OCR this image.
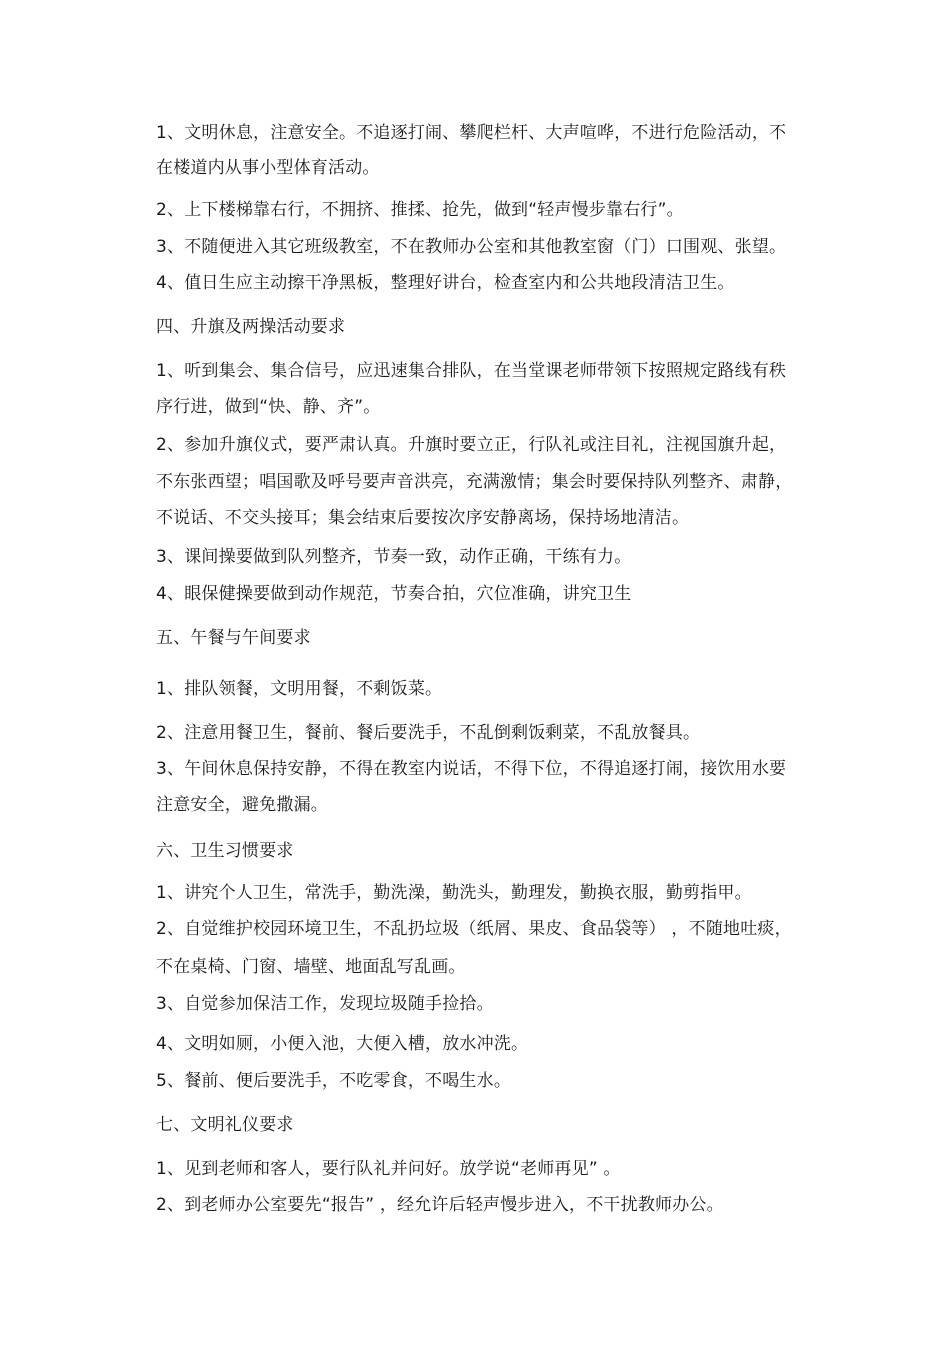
1、文明休息，注意安全。不追逐打闹、攀爬栏杆、大声喧哗，不进行危险活动，不

在楼道内从事小型体育活动。

2、上下楼梯靠右行，不拥挤、推揉、抢先，做到“轻声慢步靠右行”。

3、不随便进入其它班级教室，不在教师办公室和其他教室窗（门）口围观、张望。

4、值日生应主动擦干净黑板，整理好讲台，检查室内和公共地段清洁卫生。

四、升旗及两操活动要求

1、听到集会、集合信号，应迅速集合排队，在当堂课老师带领下按照规定路线有秩

序行进，做到“快、静、齐”。

2、参加升旗仪式，要严肃认真。升旗时要立正，行队礼或注目礼，注视国旗升起，

不东张西望；唱国歌及呼号要声音洪亮，充满激情；集会时要保持队列整齐、肃静，

不说话、不交头接耳；集会结束后要按次序安静离场，保持场地清洁。

3、课间操要做到队列整齐，节奏一致，动作正确，干练有力。

4、眼保健操要做到动作规范，节奏合拍，穴位准确，讲究卫生

五、午餐与午间要求

1、排队领餐，文明用餐，不剩饭菜。

2、注意用餐卫生，餐前、餐后要洗手，不乱倒剩饭剩菜，不乱放餐具。

3、午间休息保持安静，不得在教室内说话，不得下位，不得追逐打闹，接饮用水要

注意安全，避免撒漏。

六、卫生习惯要求

1、讲究个人卫生，常洗手，勤洗澡，勤洗头，勤理发，勤换衣服，勤剪指甲。

2、自觉维护校园环境卫生，不乱扔垃圾（纸屑、果皮、食品袋等） ，不随地吐痰，

不在桌椅、门窗、墙壁、地面乱写乱画。

3、自觉参加保洁工作，发现垃圾随手捡拾。

4、文明如厕，小便入池，大便入槽，放水冲洗。

5、餐前、便后要洗手，不吃零食，不喝生水。

七、文明礼仪要求

1、见到老师和客人，要行队礼并问好。放学说“老师再见” 。

2、到老师办公室要先“报告” ，经允许后轻声慢步进入，不干扰教师办公。
